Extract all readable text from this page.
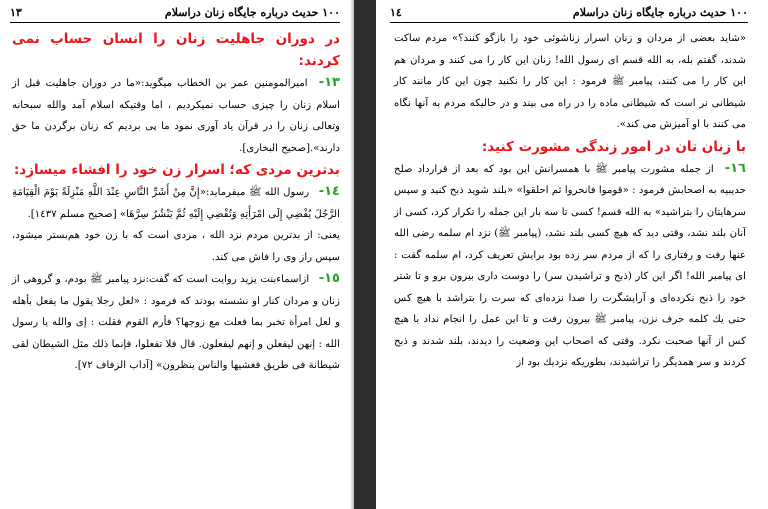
١٠٠ حديث درباره جايگاه زنان دراسلام
١٣
در دوران جاهليت زنان را انسان حساب نمى كردند:

١٣- اميرالمومنين عمر بن الخطاب ميگويد:«ما در دوران جاهليت قبل از اسلام زنان را چيزى حساب نميكرديم ، اما وقتيكه اسلام آمد والله سبحانه وتعالى زنان را در قرآن ياد آورى نمود ما پى برديم كه زنان برگردن ما حق دارند».[صحيح البخارى].

بدترين مردى كه؛ اسرار زن خود را افشاء ميسازد:

١٤- رسول الله ﷺ ميفرمايد:«إِنَّ مِنْ أَشَرِّ النَّاسِ عِنْدَ اللَّهِ مَنْزِلَةً يَوْمَ الْقِيَامَةِ الرَّجُلَ يُفْضِي إِلَى امْرَأَتِهِ وَتُفْضِي إِلَيْهِ ثُمَّ يَنْشُرُ سِرَّهَا» [صحيح مسلم ١٤٣٧].

يعنى: از بدترين مردم نزد الله ، مردى است كه با زن خود هم‌بستر ميشود، سپس راز وى را فاش مى كند.

١٥- ازاسماءبنت يزيد روايت است كه گفت:نزد پيامبر ﷺ بودم، و گروهى از زنان و مردان كنار او نشسته بودند كه فرمود : «لعل رجلا يقول ما يفعل بأهله و لعل امرأة تخبر بما فعلت مع زوجها؟ فأرم القوم فقلت : إى والله يا رسول الله : إنهن ليفعلن و إنهم ليفعلون. قال فلا تفعلوا، فإنما ذلك مثل الشيطان لقى شيطانة فى طريق فغشيها والناس ينظرون» [آداب الزفاف ٧٢].

١٠٠ حديث درباره جايگاه زنان دراسلام
١٤

«شايد بعضى از مردان و زنان اسرار زناشوئى خود را بازگو كنند؟» مردم ساكت شدند، گفتم بله، به الله قسم اى رسول الله! زنان اين كار را مى كنند و مردان هم اين كار را مى كنند، پيامبر ﷺ فرمود : اين كار را نكنيد چون اين كار مانند كار شيطانى نر است كه شيطانى ماده را در راه مى بيند و در حاليكه مردم به آنها نگاه مى كنند با او آميزش مى كند».

با زنان تان در امور زندگى مشورت كنيد:

١٦- از جمله مشورت پيامبر ﷺ با همسرانش اين بود كه بعد از قرارداد صلح حديبيه به اصحابش فرمود : «قوموا فانحروا ثم احلقوا» «بلند شويد ذبح كنيد و سپس سرهايتان را بتراشيد» به الله قسم! كسى تا سه بار اين جمله را تكرار كرد، كسى از آنان بلند نشد، وقتى ديد كه هيچ كسى بلند نشد، (پيامبر ﷺ) نزد ام سلمه رضى الله عنها رفت و رفتارى را كه از مردم سر زده بود برايش تعريف كرد، ام سلمه گفت : اى پيامبر الله! اگر اين كار (ذبح و تراشيدن سر) را دوست دارى بيرون برو و تا شتر خود را ذبح نكرده‌اى و آرايشگرت را صدا نزده‌اى كه سرت را بتراشد با هيچ كس حتى يك كلمه حرف نزن، پيامبر ﷺ بيرون رفت و تا اين عمل را انجام نداد با هيچ كس از آنها صحبت نكرد. وقتى كه اصحاب اين وضعيت را ديدند، بلند شدند و ذبح كردند و سر همديگر را تراشيدند، بطوريكه نزديك بود از
